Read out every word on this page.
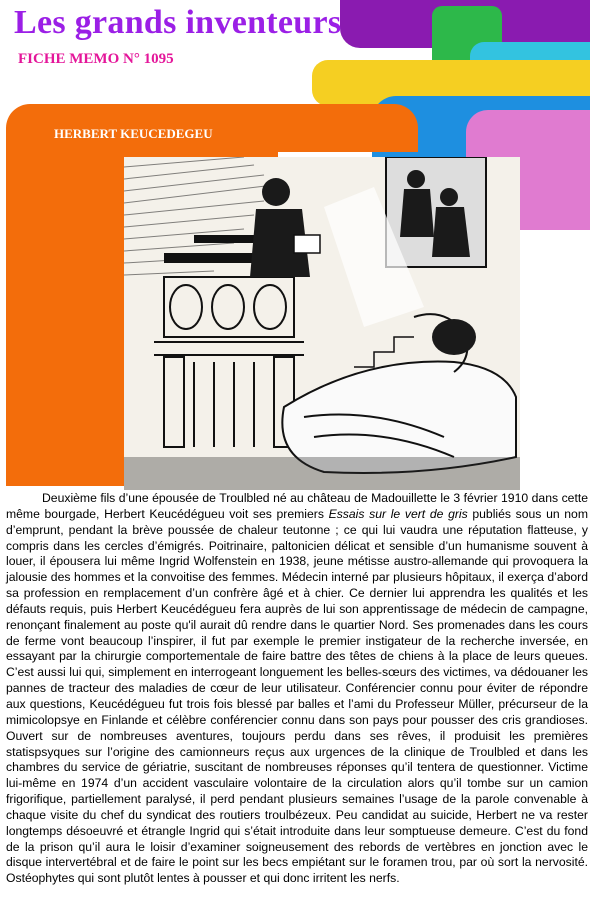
Les grands inventeurs
FICHE MEMO N° 1095
HERBERT KEUCEDEGEU

Deuxième fils d’une épousée de Troulbled né au château de Madouillette le 3 février 1910 dans cette même bourgade, Herbert Keucédégueu voit ses premiers Essais sur le vert de gris publiés sous un nom d’emprunt, pendant la brève poussée de chaleur teutonne ; ce qui lui vaudra une réputation flatteuse, y compris dans les cercles d’émigrés. Poitrinaire, paltonicien délicat et sensible d’un humanisme souvent à louer, il épousera lui même Ingrid Wolfenstein en 1938, jeune métisse austro-allemande qui provoquera la jalousie des hommes et la convoitise des femmes. Médecin interné par plusieurs hôpitaux, il exerça d’abord sa profession en remplacement d’un confrère âgé et à chier. Ce dernier lui apprendra les qualités et les défauts requis, puis Herbert Keucédégueu fera auprès de lui son apprentissage de médecin de campagne, renonçant finalement au poste qu'il aurait dû rendre dans le quartier Nord. Ses promenades dans les cours de ferme vont beaucoup l’inspirer, il fut par exemple le premier instigateur de la recherche inversée, en essayant par la chirurgie comportementale de faire battre des têtes de chiens à la place de leurs queues. C’est aussi lui qui, simplement en interrogeant longuement les belles-sœurs des victimes, va dédouaner les pannes de tracteur des maladies de cœur de leur utilisateur. Conférencier connu pour éviter de répondre aux questions, Keucédégueu fut trois fois blessé par balles et l’ami du Professeur Müller, précurseur de la mimicolopsye en Finlande et célèbre conférencier connu dans son pays pour pousser des cris grandioses. Ouvert sur de nombreuses aventures, toujours perdu dans ses rêves, il produisit les premières statispsyques sur l’origine des camionneurs reçus aux urgences de la clinique de Troulbled et dans les chambres du service de gériatrie, suscitant de nombreuses réponses qu’il tentera de questionner. Victime lui-même en 1974 d’un accident vasculaire volontaire de la circulation alors qu’il tombe sur un camion frigorifique, partiellement paralysé, il perd pendant plusieurs semaines l’usage de la parole convenable à chaque visite du chef du syndicat des routiers troulbézeux. Peu candidat au suicide, Herbert ne va rester longtemps désoeuvré et étrangle Ingrid qui s’était introduite dans leur somptueuse demeure. C’est du fond de la prison qu’il aura le loisir d’examiner soigneusement des rebords de vertèbres en jonction avec le disque intervertébral et de faire le point sur les becs empiétant sur le foramen trou, par où sort la nervosité. Ostéophytes qui sont plutôt lentes à pousser et qui donc irritent les nerfs.
